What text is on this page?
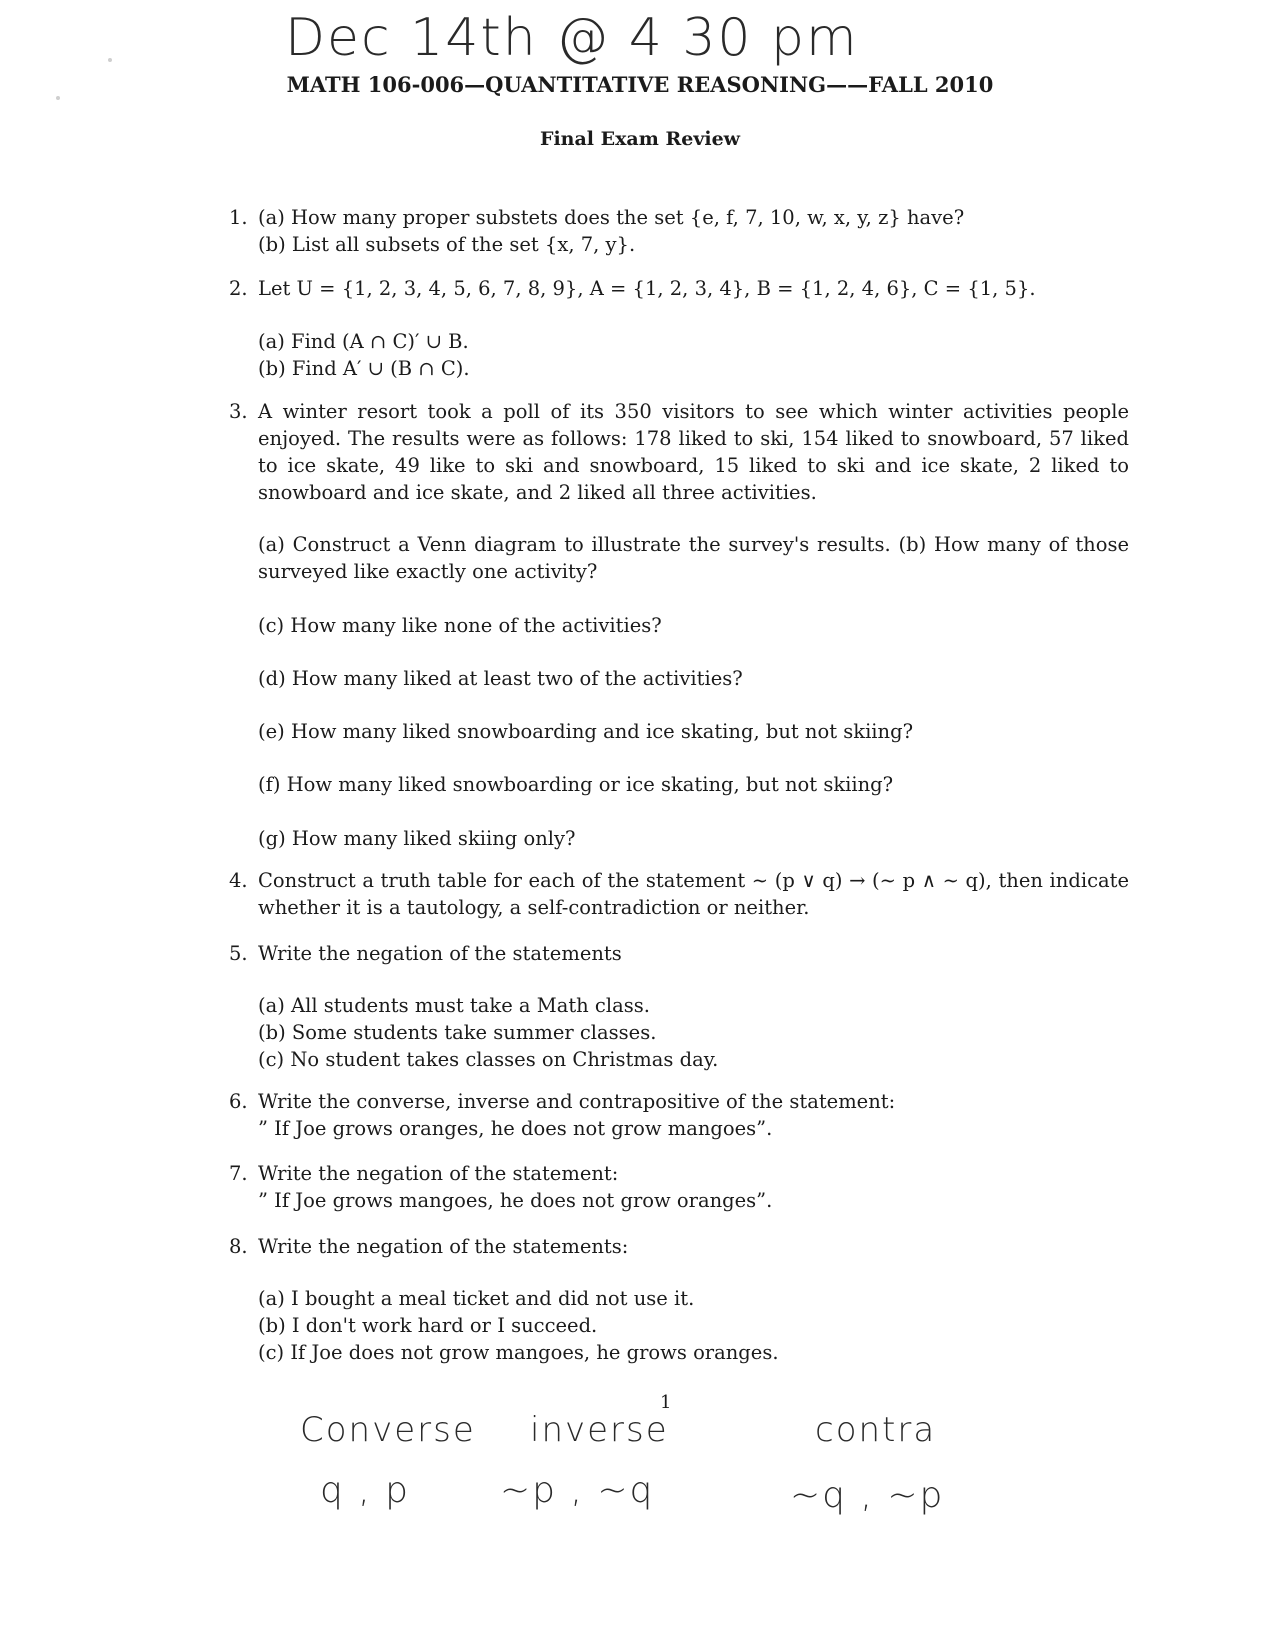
Dec 14th @ 4 30 pm
MATH 106-006—QUANTITATIVE REASONING——FALL 2010
Final Exam Review
1. (a) How many proper substets does the set {e, f, 7, 10, w, x, y, z} have?
(b) List all subsets of the set {x, 7, y}.
2. Let U = {1, 2, 3, 4, 5, 6, 7, 8, 9}, A = {1, 2, 3, 4}, B = {1, 2, 4, 6}, C = {1, 5}.
(a) Find (A ∩ C)′ ∪ B.
(b) Find A′ ∪ (B ∩ C).
3. A winter resort took a poll of its 350 visitors to see which winter activities people enjoyed. The results were as follows: 178 liked to ski, 154 liked to snowboard, 57 liked to ice skate, 49 like to ski and snowboard, 15 liked to ski and ice skate, 2 liked to snowboard and ice skate, and 2 liked all three activities.
(a) Construct a Venn diagram to illustrate the survey's results. (b) How many of those surveyed like exactly one activity?
(c) How many like none of the activities?
(d) How many liked at least two of the activities?
(e) How many liked snowboarding and ice skating, but not skiing?
(f) How many liked snowboarding or ice skating, but not skiing?
(g) How many liked skiing only?
4. Construct a truth table for each of the statement ∼ (p ∨ q) → (∼ p ∧ ∼ q), then indicate whether it is a tautology, a self-contradiction or neither.
5. Write the negation of the statements
(a) All students must take a Math class.
(b) Some students take summer classes.
(c) No student takes classes on Christmas day.
6. Write the converse, inverse and contrapositive of the statement:
” If Joe grows oranges, he does not grow mangoes”.
7. Write the negation of the statement:
” If Joe grows mangoes, he does not grow oranges”.
8. Write the negation of the statements:
(a) I bought a meal ticket and did not use it.
(b) I don't work hard or I succeed.
(c) If Joe does not grow mangoes, he grows oranges.
1
Converse inverse	contra
q , p ~p , ~q	~q , ~p
